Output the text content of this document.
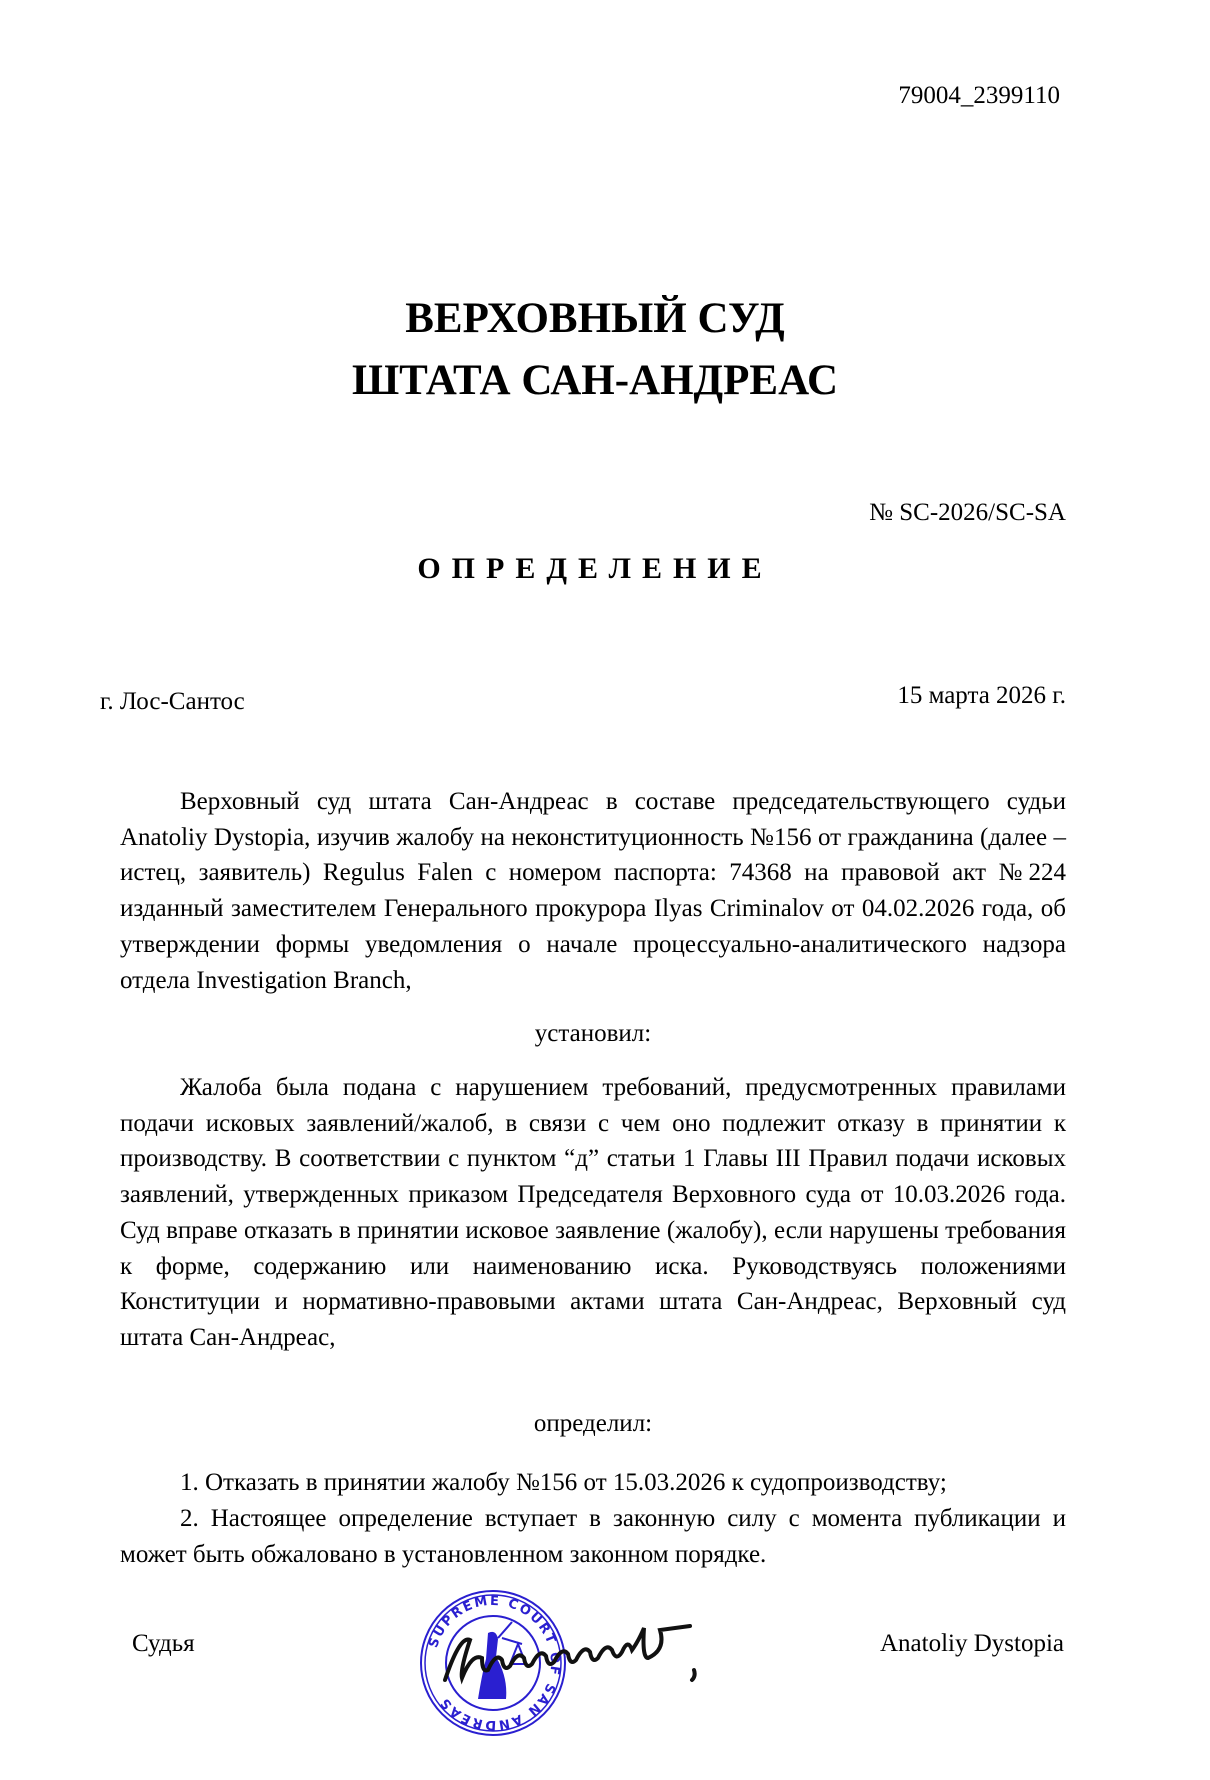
79004_2399110
ВЕРХОВНЫЙ СУД
ШТАТА САН-АНДРЕАС
№ SC-2026/SC-SA
ОПРЕДЕЛЕНИЕ
г. Лос-Сантос	15 марта 2026 г.
Верховный суд штата Сан-Андреас в составе председательствующего судьи Anatoliy Dystopia, изучив жалобу на неконституционность №156 от гражданина (далее – истец, заявитель) Regulus Falen с номером паспорта: 74368 на правовой акт №224 изданный заместителем Генерального прокурора Ilyas Criminalov от 04.02.2026 года, об утверждении формы уведомления о начале процессуально-аналитического надзора отдела Investigation Branch,
установил:
Жалоба была подана с нарушением требований, предусмотренных правилами подачи исковых заявлений/жалоб, в связи с чем оно подлежит отказу в принятии к производству. В соответствии с пунктом “д” статьи 1 Главы III Правил подачи исковых заявлений, утвержденных приказом Председателя Верховного суда от 10.03.2026 года. Суд вправе отказать в принятии исковое заявление (жалобу), если нарушены требования к форме, содержанию или наименованию иска. Руководствуясь положениями Конституции и нормативно-правовыми актами штата Сан-Андреас, Верховный суд штата Сан-Андреас,
определил:
1. Отказать в принятии жалобу №156 от 15.03.2026 к судопроизводству;
2. Настоящее определение вступает в законную силу с момента публикации и может быть обжаловано в установленном законном порядке.
Судья	SUPREME COURT OF SAN ANDREAS
Anatoliy Dystopia
